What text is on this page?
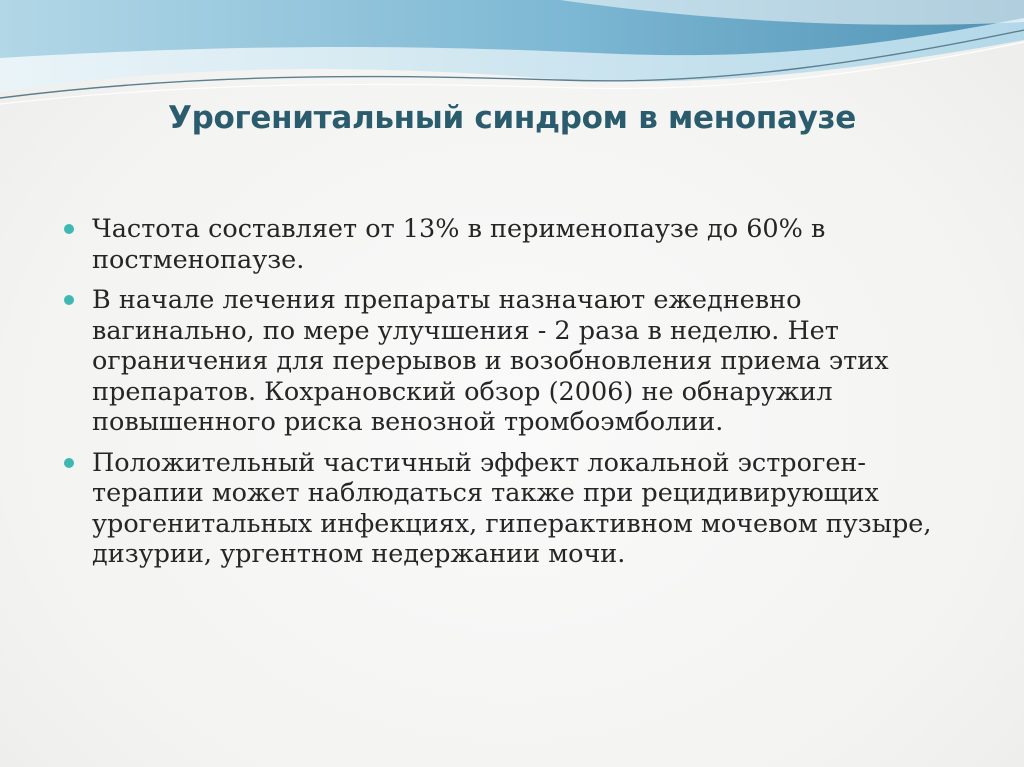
Урогенитальный синдром в менопаузе
Частота составляет от 13% в перименопаузе до 60% в постменопаузе.
В начале лечения препараты назначают ежедневно вагинально, по мере улучшения - 2 раза в неделю. Нет ограничения для перерывов и возобновления приема этих препаратов. Кохрановский обзор (2006) не обнаружил повышенного риска венозной тромбоэмболии.
Положительный частичный эффект локальной эстроген-терапии может наблюдаться также при рецидивирующих урогенитальных инфекциях, гиперактивном мочевом пузыре, дизурии, ургентном недержании мочи.
